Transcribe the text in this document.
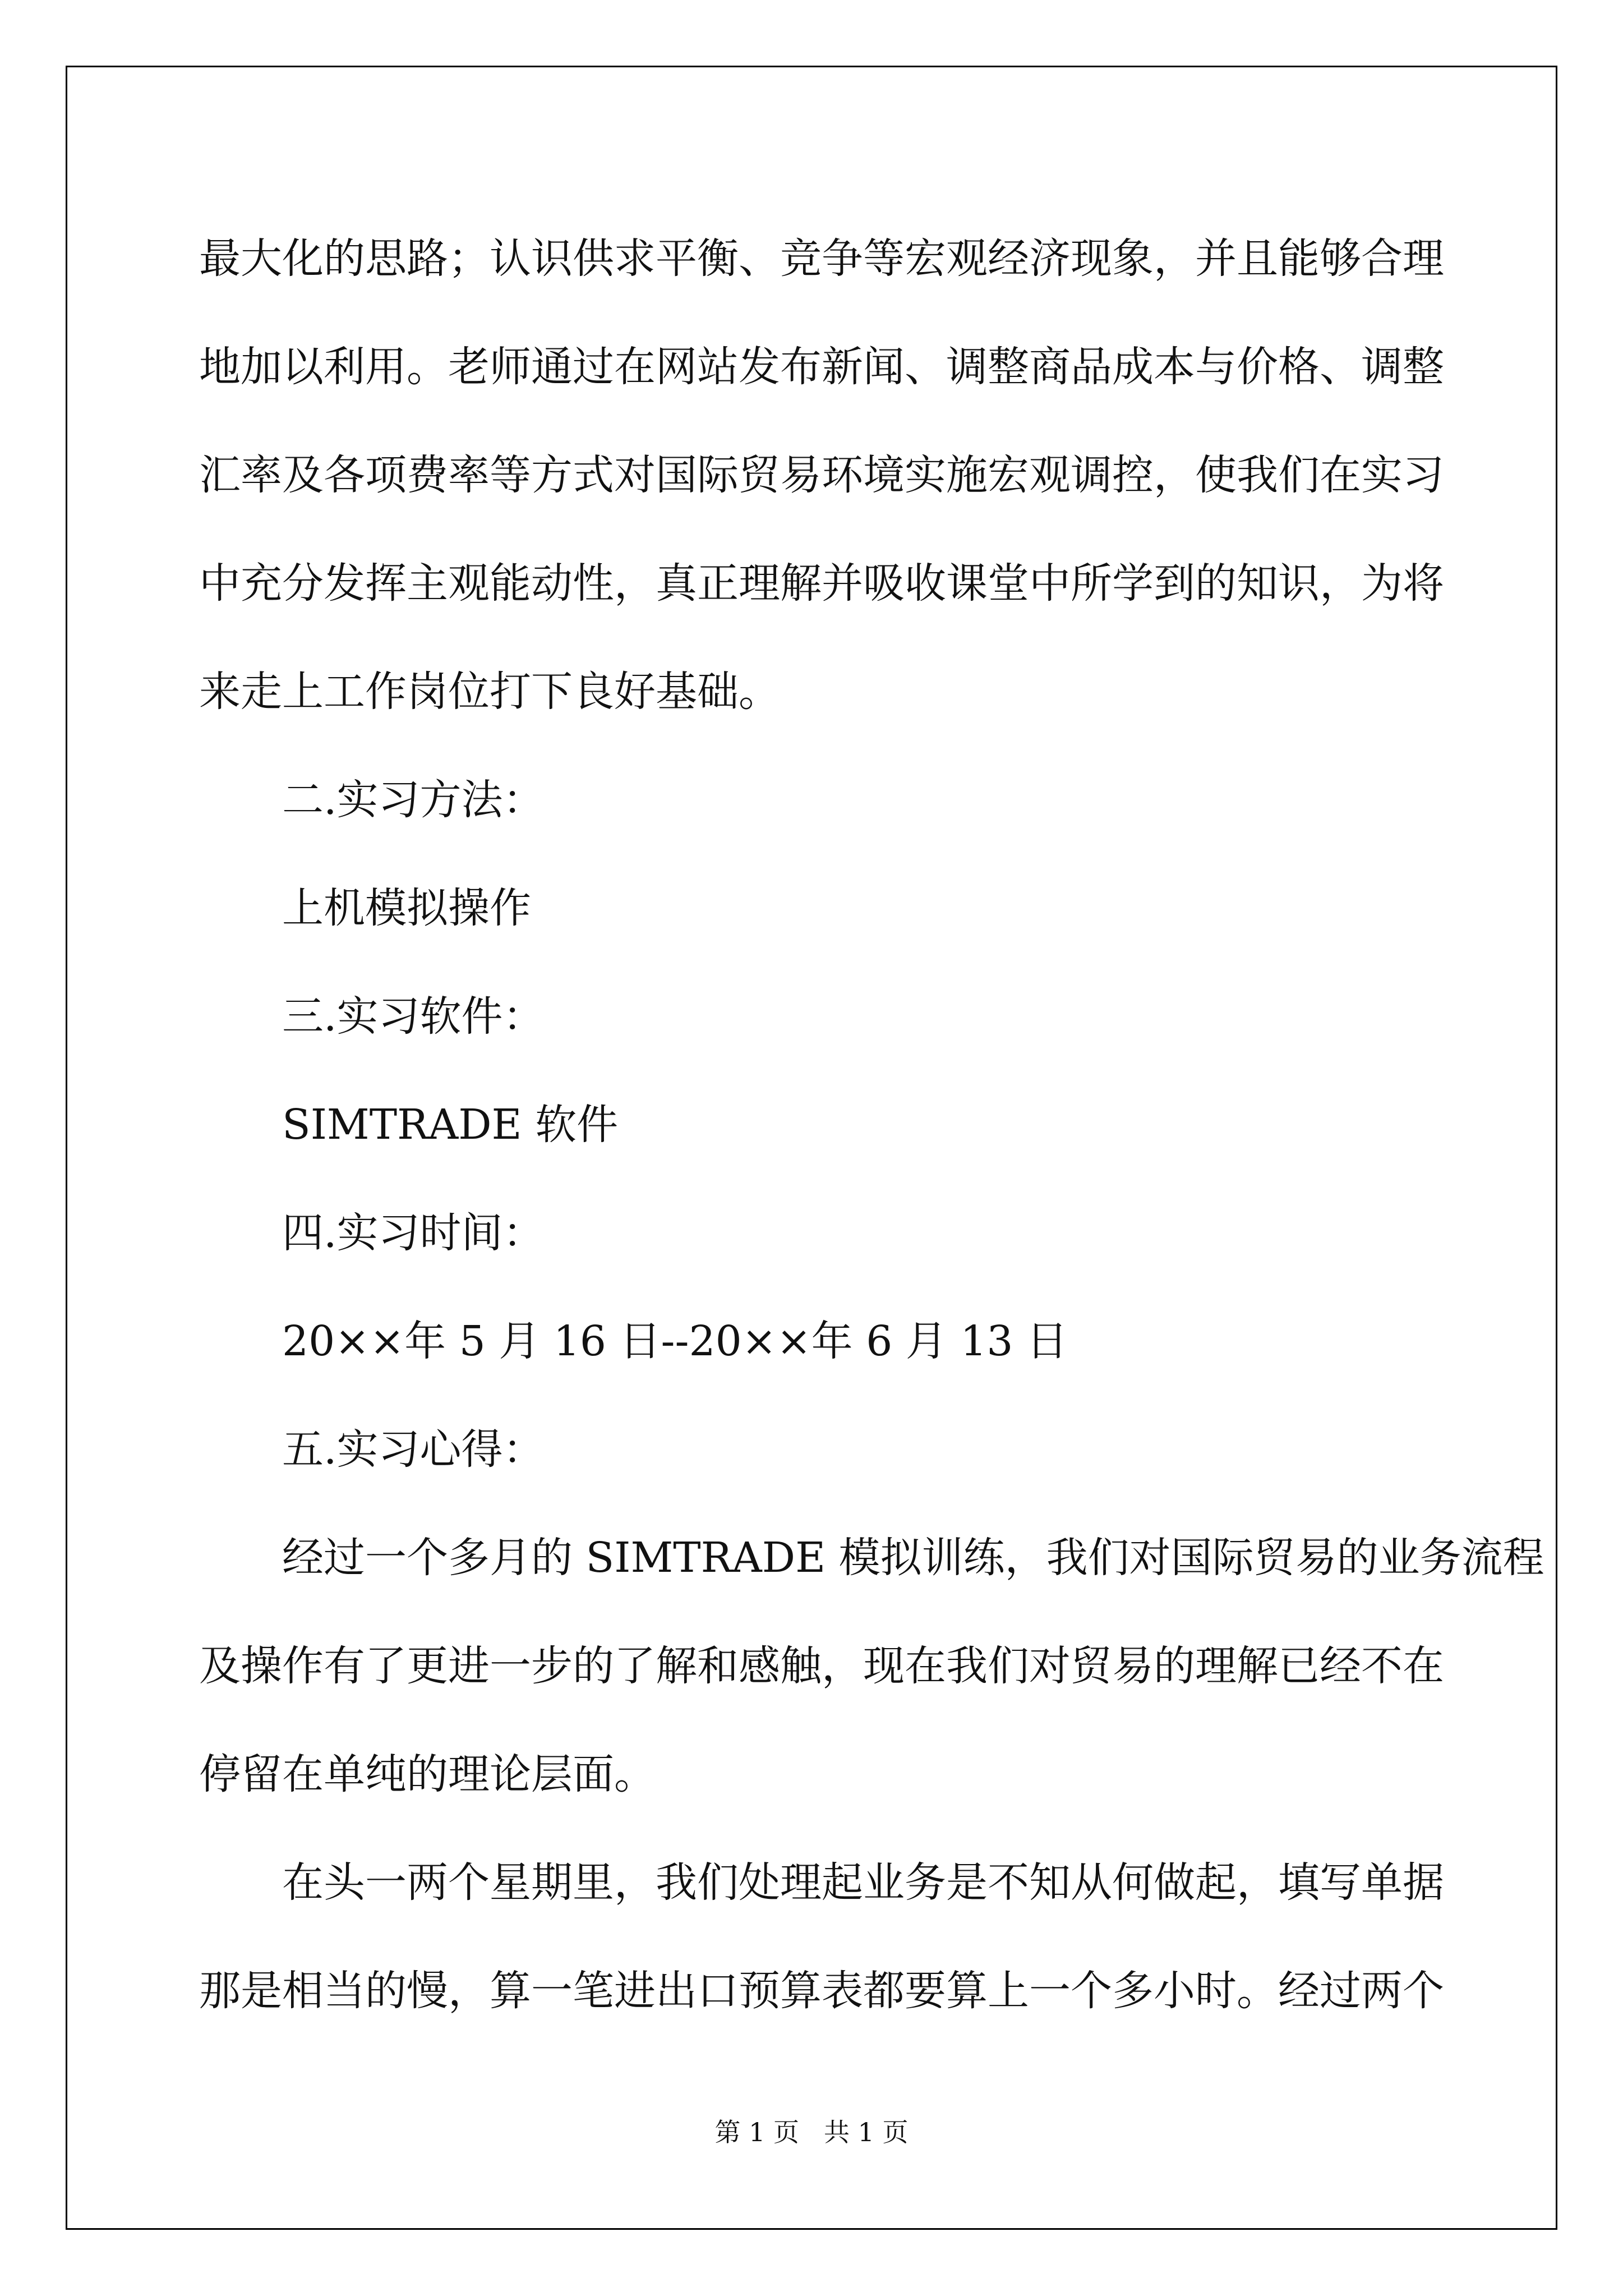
最大化的思路；认识供求平衡、竞争等宏观经济现象，并且能够合理

地加以利用。老师通过在网站发布新闻、调整商品成本与价格、调整

汇率及各项费率等方式对国际贸易环境实施宏观调控，使我们在实习

中充分发挥主观能动性，真正理解并吸收课堂中所学到的知识，为将

来走上工作岗位打下良好基础。

二.实习方法：

上机模拟操作

三.实习软件：

SIMTRADE 软件

四.实习时间：

20××年 5 月 16 日--20××年 6 月 13 日

五.实习心得：

经过一个多月的 SIMTRADE 模拟训练，我们对国际贸易的业务流程

及操作有了更进一步的了解和感触，现在我们对贸易的理解已经不在

停留在单纯的理论层面。

在头一两个星期里，我们处理起业务是不知从何做起，填写单据

那是相当的慢，算一笔进出口预算表都要算上一个多小时。经过两个

第 1 页 共 1 页
